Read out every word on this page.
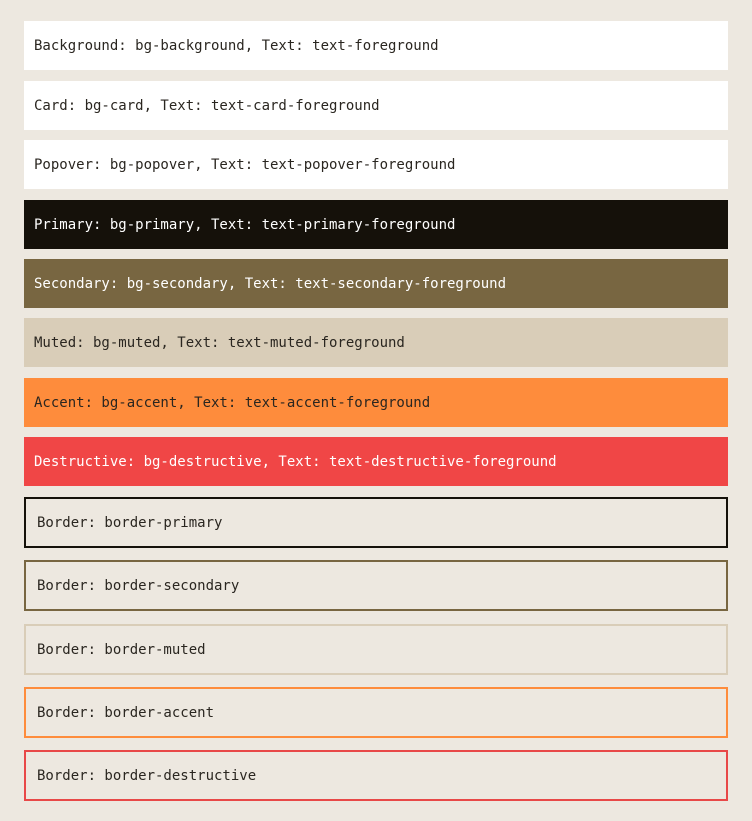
Background: bg-background, Text: text-foreground
Card: bg-card, Text: text-card-foreground
Popover: bg-popover, Text: text-popover-foreground
Primary: bg-primary, Text: text-primary-foreground
Secondary: bg-secondary, Text: text-secondary-foreground
Muted: bg-muted, Text: text-muted-foreground
Accent: bg-accent, Text: text-accent-foreground
Destructive: bg-destructive, Text: text-destructive-foreground
Border: border-primary
Border: border-secondary
Border: border-muted
Border: border-accent
Border: border-destructive
